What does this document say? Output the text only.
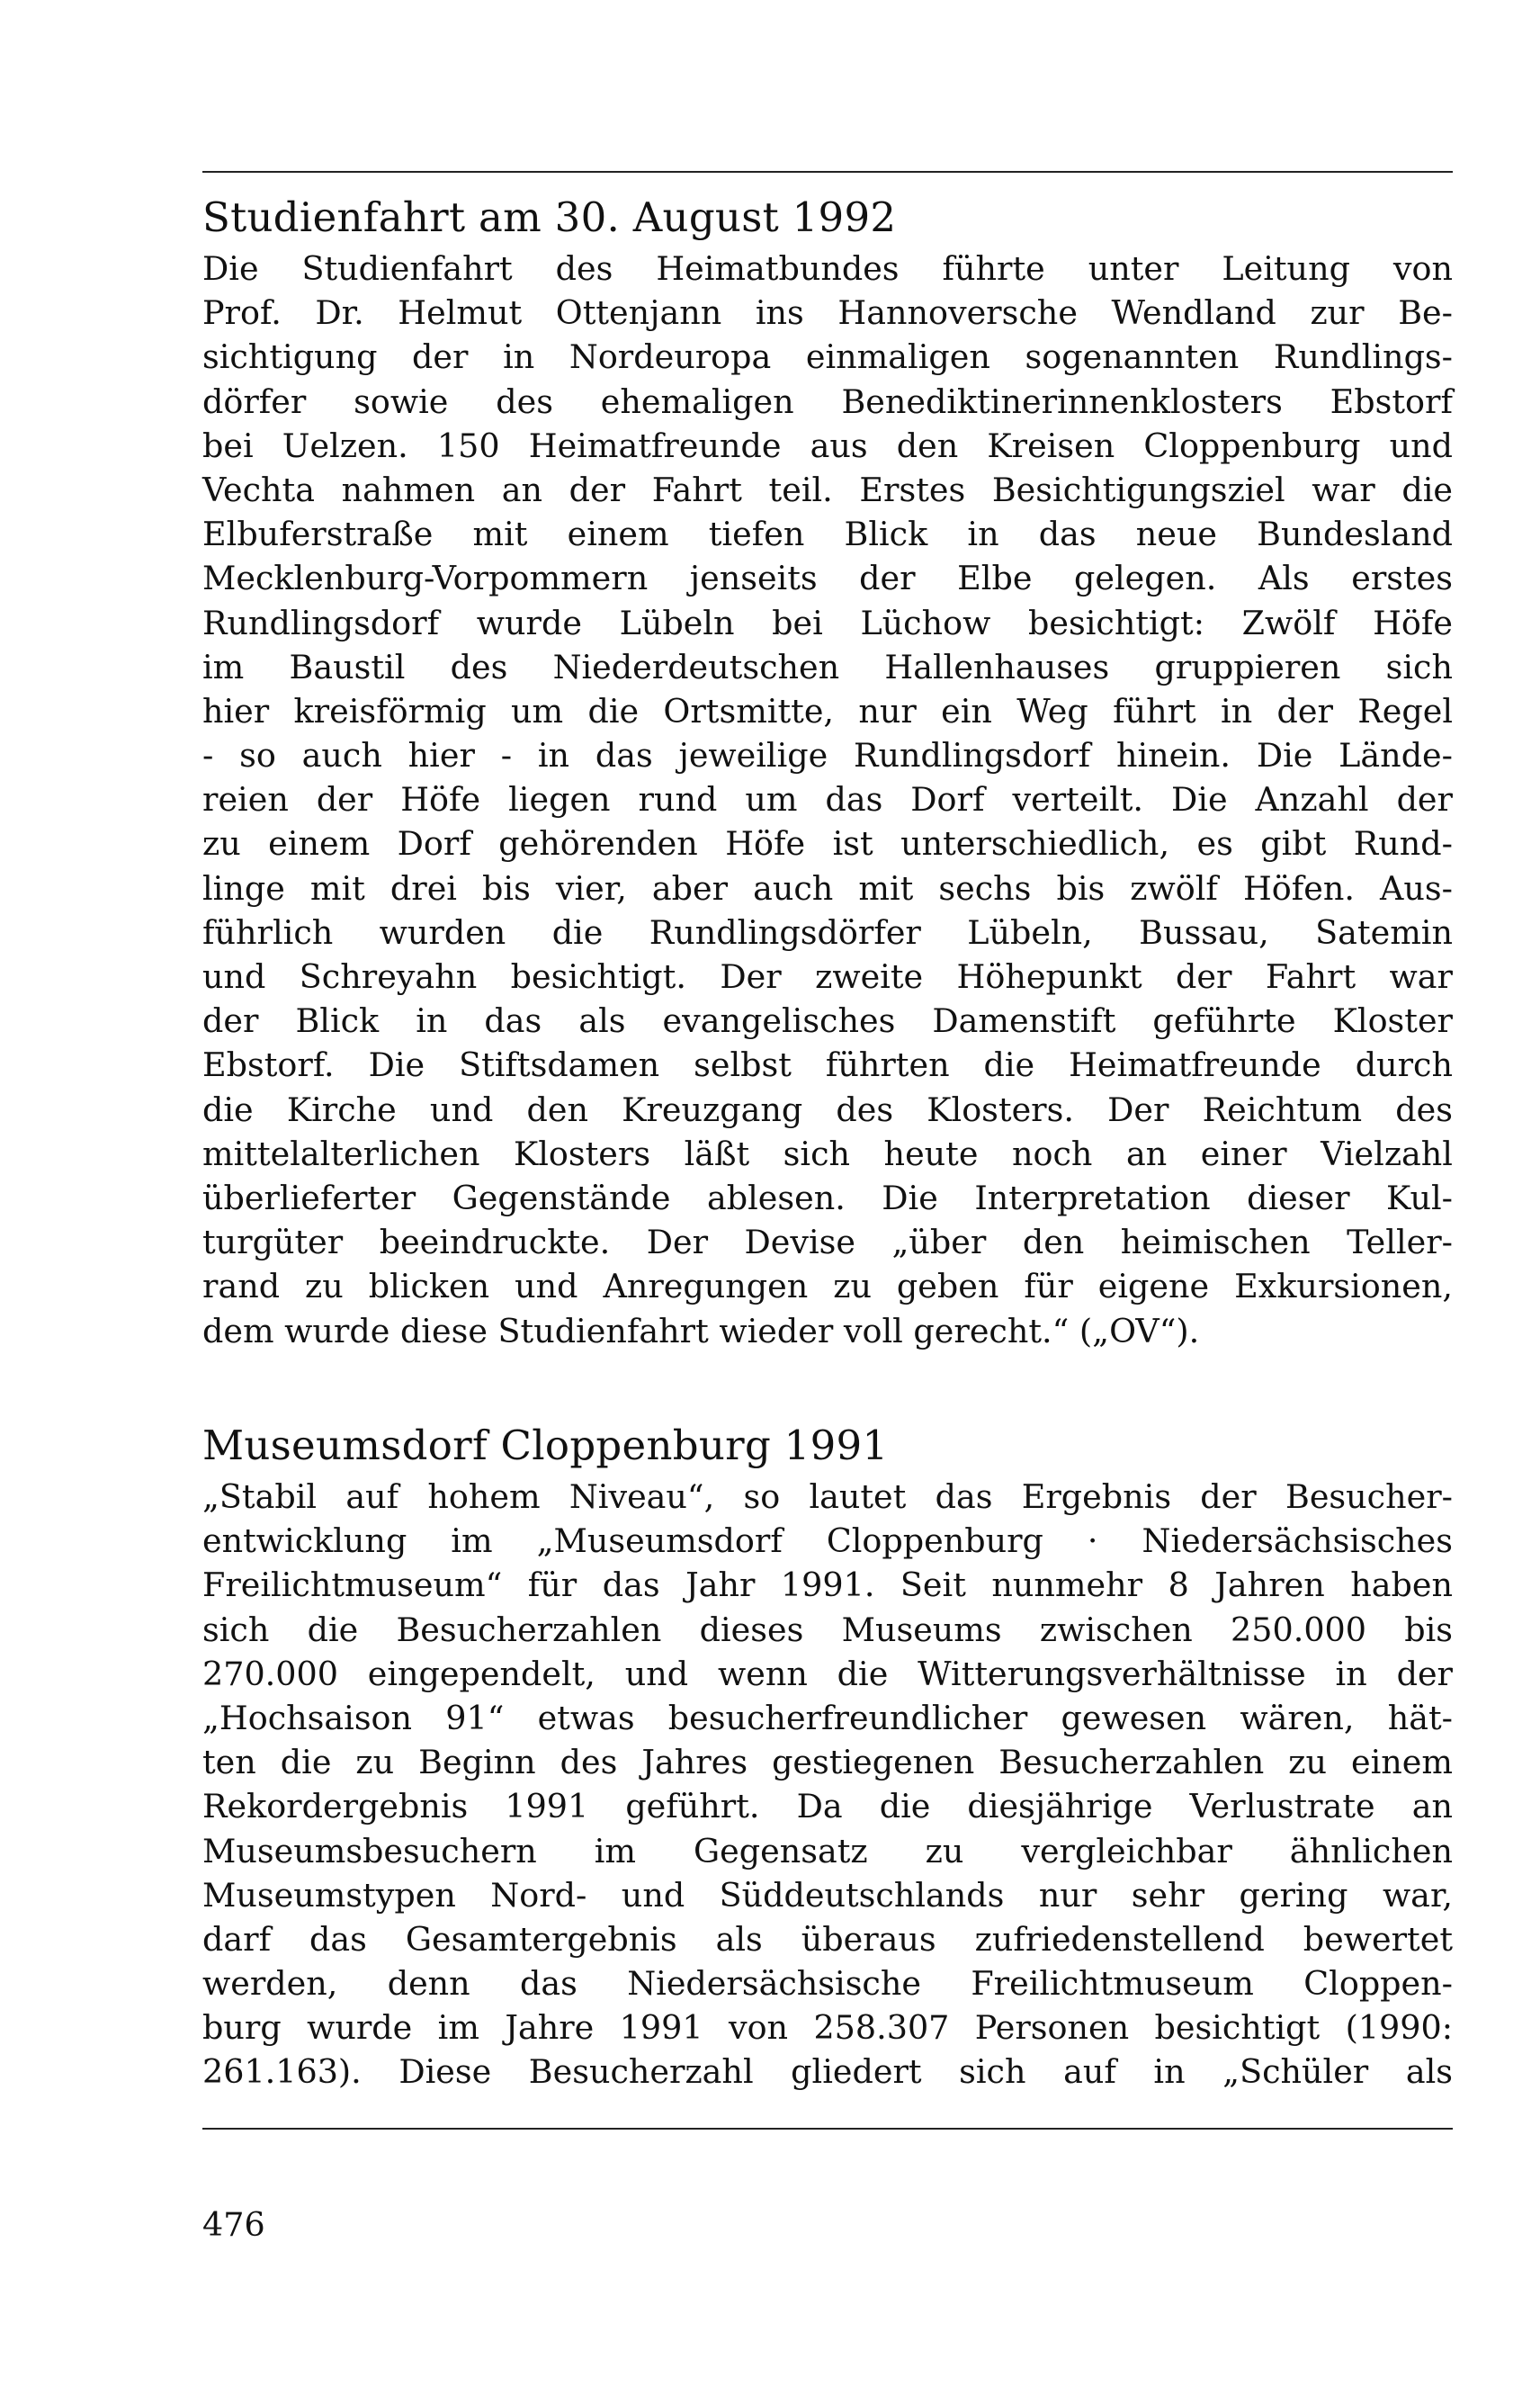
Studienfahrt am 30. August 1992
Die Studienfahrt des Heimatbundes führte unter Leitung von
Prof. Dr. Helmut Ottenjann ins Hannoversche Wendland zur Be-
sichtigung der in Nordeuropa einmaligen sogenannten Rundlings-
dörfer sowie des ehemaligen Benediktinerinnenklosters Ebstorf
bei Uelzen. 150 Heimatfreunde aus den Kreisen Cloppenburg und
Vechta nahmen an der Fahrt teil. Erstes Besichtigungsziel war die
Elbuferstraße mit einem tiefen Blick in das neue Bundesland
Mecklenburg-Vorpommern jenseits der Elbe gelegen. Als erstes
Rundlingsdorf wurde Lübeln bei Lüchow besichtigt: Zwölf Höfe
im Baustil des Niederdeutschen Hallenhauses gruppieren sich
hier kreisförmig um die Ortsmitte, nur ein Weg führt in der Regel
- so auch hier - in das jeweilige Rundlingsdorf hinein. Die Lände-
reien der Höfe liegen rund um das Dorf verteilt. Die Anzahl der
zu einem Dorf gehörenden Höfe ist unterschiedlich, es gibt Rund-
linge mit drei bis vier, aber auch mit sechs bis zwölf Höfen. Aus-
führlich wurden die Rundlingsdörfer Lübeln, Bussau, Satemin
und Schreyahn besichtigt. Der zweite Höhepunkt der Fahrt war
der Blick in das als evangelisches Damenstift geführte Kloster
Ebstorf. Die Stiftsdamen selbst führten die Heimatfreunde durch
die Kirche und den Kreuzgang des Klosters. Der Reichtum des
mittelalterlichen Klosters läßt sich heute noch an einer Vielzahl
überlieferter Gegenstände ablesen. Die Interpretation dieser Kul-
turgüter beeindruckte. Der Devise „über den heimischen Teller-
rand zu blicken und Anregungen zu geben für eigene Exkursionen,
dem wurde diese Studienfahrt wieder voll gerecht.“ („OV“).
Museumsdorf Cloppenburg 1991
„Stabil auf hohem Niveau“, so lautet das Ergebnis der Besucher-
entwicklung im „Museumsdorf Cloppenburg · Niedersächsisches
Freilichtmuseum“ für das Jahr 1991. Seit nunmehr 8 Jahren haben
sich die Besucherzahlen dieses Museums zwischen 250.000 bis
270.000 eingependelt, und wenn die Witterungsverhältnisse in der
„Hochsaison 91“ etwas besucherfreundlicher gewesen wären, hät-
ten die zu Beginn des Jahres gestiegenen Besucherzahlen zu einem
Rekordergebnis 1991 geführt. Da die diesjährige Verlustrate an
Museumsbesuchern im Gegensatz zu vergleichbar ähnlichen
Museumstypen Nord- und Süddeutschlands nur sehr gering war,
darf das Gesamtergebnis als überaus zufriedenstellend bewertet
werden, denn das Niedersächsische Freilichtmuseum Cloppen-
burg wurde im Jahre 1991 von 258.307 Personen besichtigt (1990:
261.163). Diese Besucherzahl gliedert sich auf in „Schüler als
476
